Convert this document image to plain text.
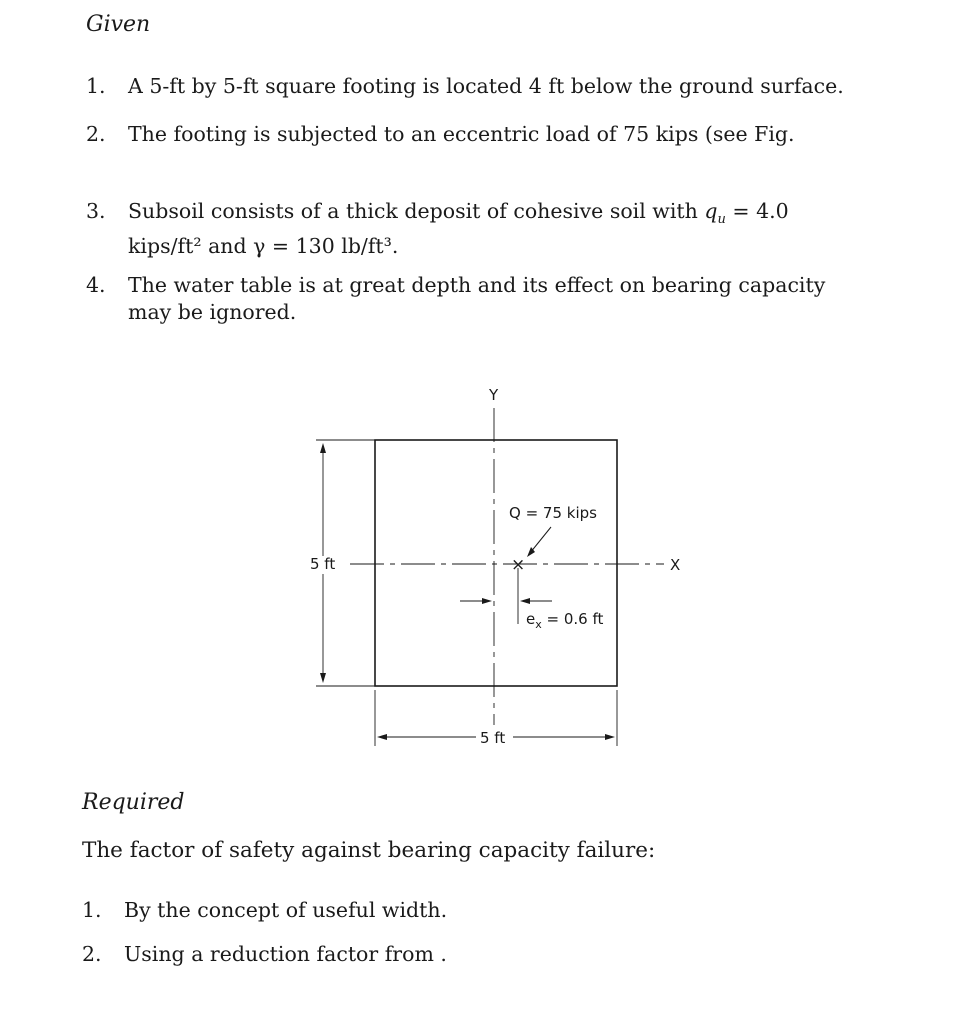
Given
1. A 5-ft by 5-ft square footing is located 4 ft below the ground surface.
2. The footing is subjected to an eccentric load of 75 kips (see Fig.
3. Subsoil consists of a thick deposit of cohesive soil with $q_u = 4.0$
kips/ft² and γ = 130 lb/ft³.
4. The water table is at great depth and its effect on bearing capacity
may be ignored.
×
Y
X
Q = 75 kips
5 ft
5 ft
$e_x = 0.6$ ft
Required
The factor of safety against bearing capacity failure:
1. By the concept of useful width.
2. Using a reduction factor from .
